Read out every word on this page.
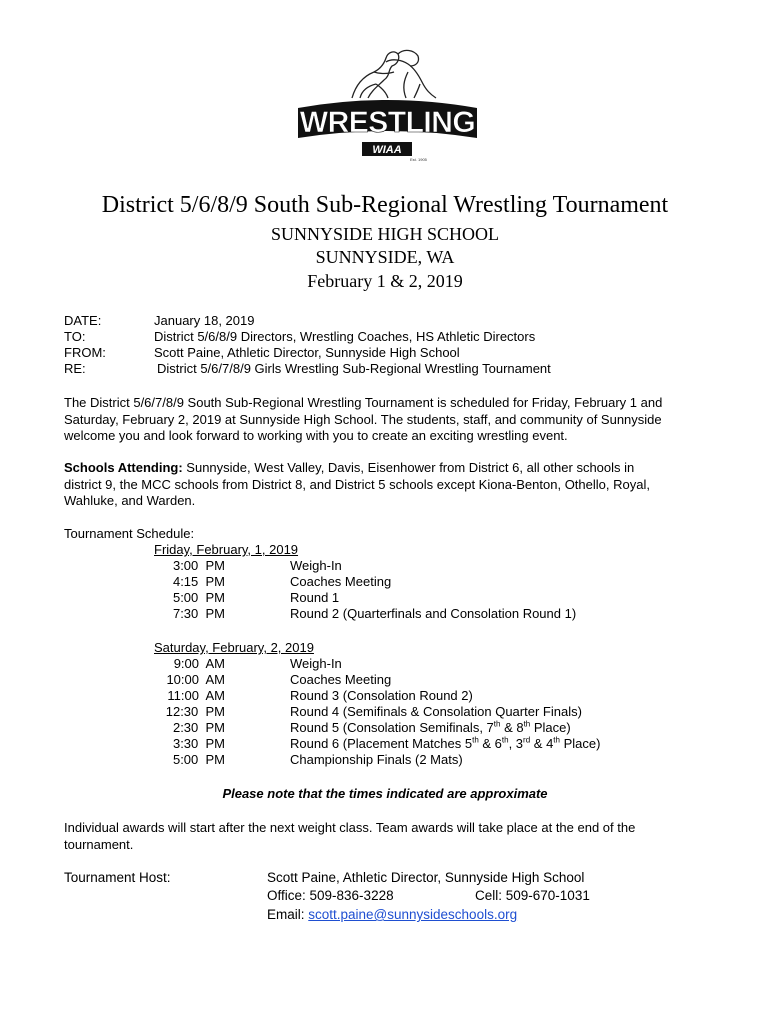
WRESTLING
WIAA
Est. 1905
District 5/6/8/9 South Sub-Regional Wrestling Tournament
SUNNYSIDE HIGH SCHOOL
SUNNYSIDE, WA
February 1 & 2, 2019
DATE:	January 18, 2019
TO:	District 5/6/8/9 Directors, Wrestling Coaches, HS Athletic Directors
FROM:	Scott Paine, Athletic Director, Sunnyside High School
RE:	District 5/6/7/8/9 Girls Wrestling Sub-Regional Wrestling Tournament
The District 5/6/7/8/9 South Sub-Regional Wrestling Tournament is scheduled for Friday, February 1 and
Saturday, February 2, 2019 at Sunnyside High School. The students, staff, and community of Sunnyside
welcome you and look forward to working with you to create an exciting wrestling event.
Schools Attending: Sunnyside, West Valley, Davis, Eisenhower from District 6, all other schools in
district 9, the MCC schools from District 8, and District 5 schools except Kiona-Benton, Othello, Royal,
Wahluke, and Warden.
Tournament Schedule:
Friday, February, 1, 2019
3:00  PM	Weigh-In
4:15  PM	Coaches Meeting
5:00  PM	Round 1
7:30  PM	Round 2 (Quarterfinals and Consolation Round 1)
Saturday, February, 2, 2019
9:00  AM	Weigh-In
10:00  AM	Coaches Meeting
11:00  AM	Round 3 (Consolation Round 2)
12:30  PM	Round 4 (Semifinals & Consolation Quarter Finals)
2:30  PM	Round 5 (Consolation Semifinals, 7th & 8th Place)
3:30  PM	Round 6 (Placement Matches 5th & 6th, 3rd & 4th Place)
5:00  PM	Championship Finals (2 Mats)
Please note that the times indicated are approximate
Individual awards will start after the next weight class. Team awards will take place at the end of the
tournament.
Tournament Host:	Scott Paine, Athletic Director, Sunnyside High School
Office: 509-836-3228	Cell: 509-670-1031
Email: scott.paine@sunnysideschools.org
